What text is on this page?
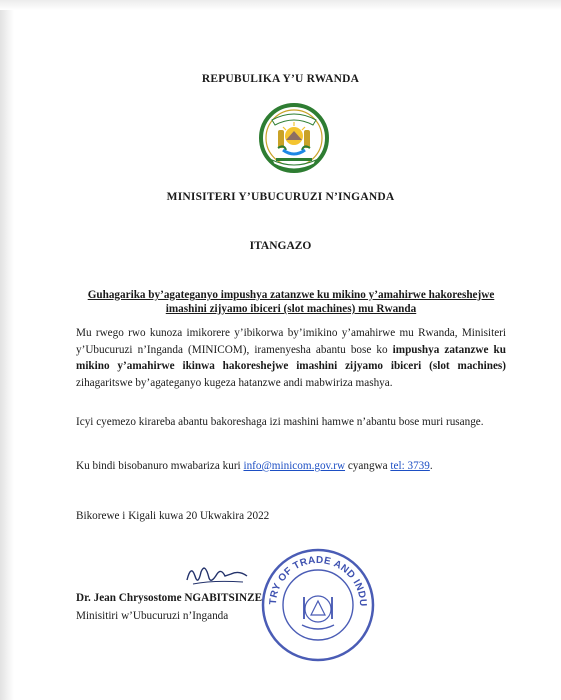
REPUBULIKA Y’U RWANDA
MINISITERI Y’UBUCURUZI N’INGANDA
ITANGAZO
Guhagarika by’agateganyo impushya zatanzwe ku mikino y’amahirwe hakoreshejwe imashini zijyamo ibiceri (slot machines) mu Rwanda

Mu rwego rwo kunoza imikorere y’ibikorwa by’imikino y’amahirwe mu Rwanda, Minisiteri y’Ubucuruzi n’Inganda (MINICOM), iramenyesha abantu bose ko impushya zatanzwe ku mikino y’amahirwe ikinwa hakoreshejwe imashini zijyamo ibiceri (slot machines) zihagaritswe by’agateganyo kugeza hatanzwe andi mabwiriza mashya.

Icyi cyemezo kirareba abantu bakoreshaga izi mashini hamwe n’abantu bose muri rusange.

Ku bindi bisobanuro mwabariza kuri info@minicom.gov.rw cyangwa tel: 3739.

Bikorewe i Kigali kuwa 20 Ukwakira 2022
Dr. Jean Chrysostome NGABITSINZE
Minisitiri w’Ubucuruzi n’Inganda
TRY OF TRADE AND INDU
